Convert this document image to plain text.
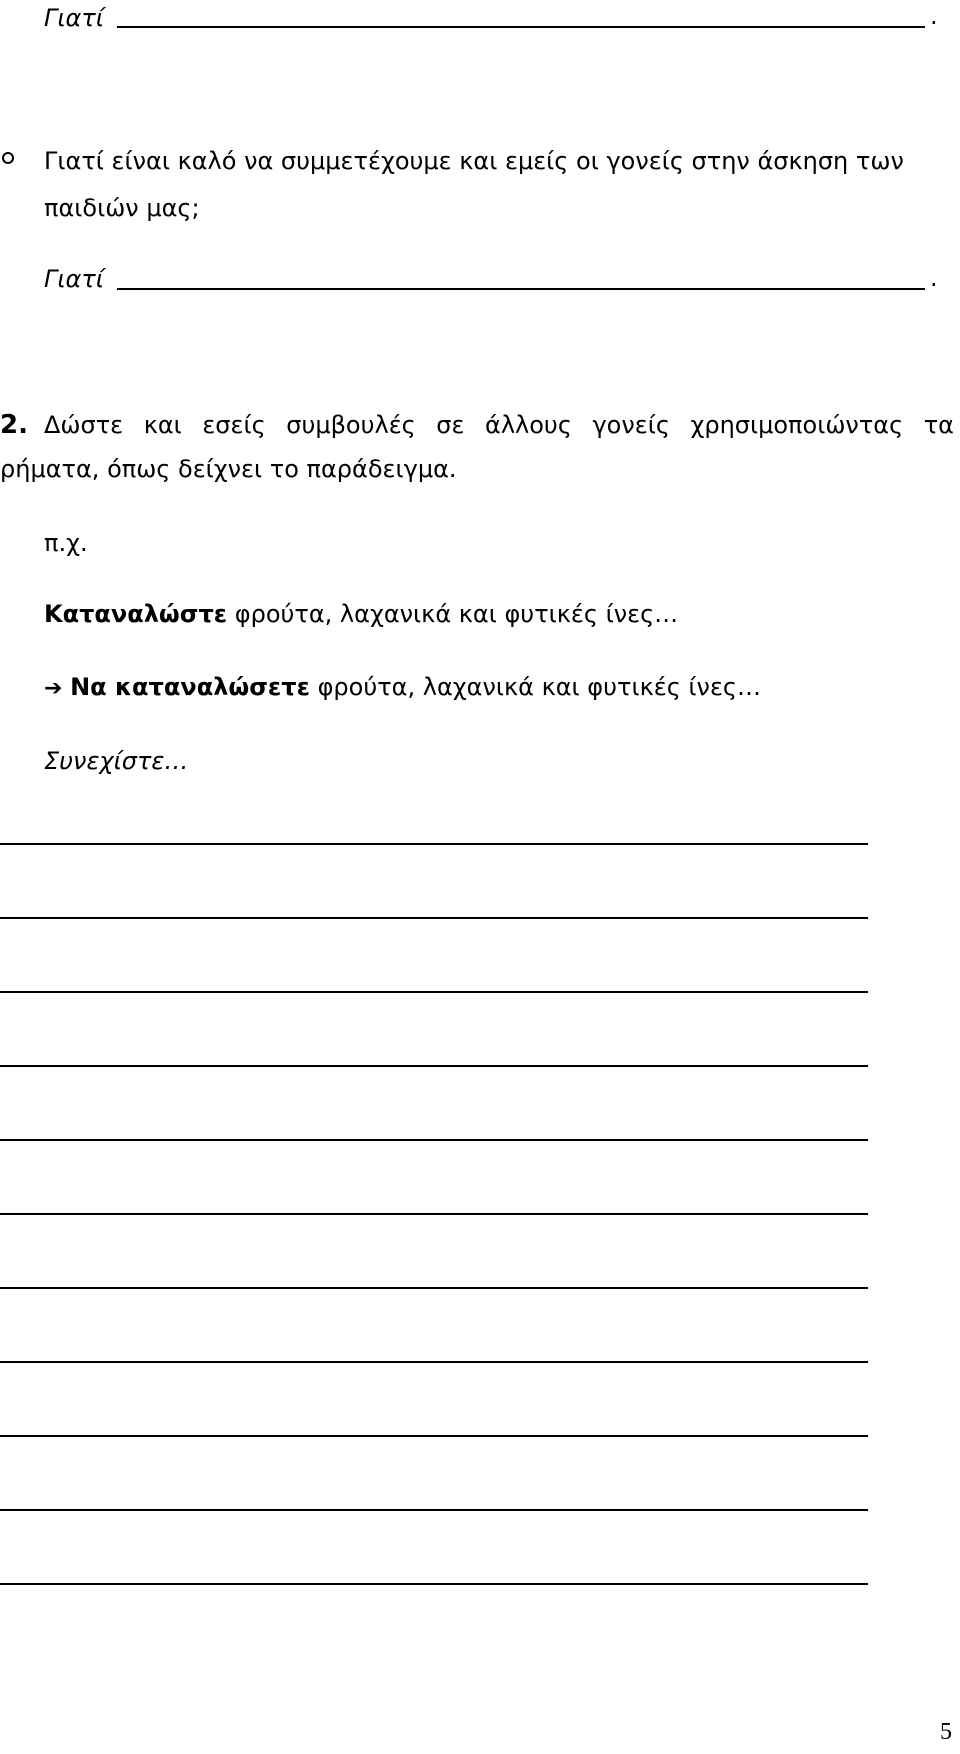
Γιατί	.
Γιατί είναι καλό να συμμετέχουμε και εμείς οι γονείς στην άσκηση των
παιδιών μας;
Γιατί	.
2. Δώστε και εσείς συμβουλές σε άλλους γονείς χρησιμοποιώντας τα
ρήματα, όπως δείχνει το παράδειγμα.
π.χ.
Καταναλώστε φρούτα, λαχανικά και φυτικές ίνες…
➔ Να καταναλώσετε φρούτα, λαχανικά και φυτικές ίνες…
Συνεχίστε…
5
